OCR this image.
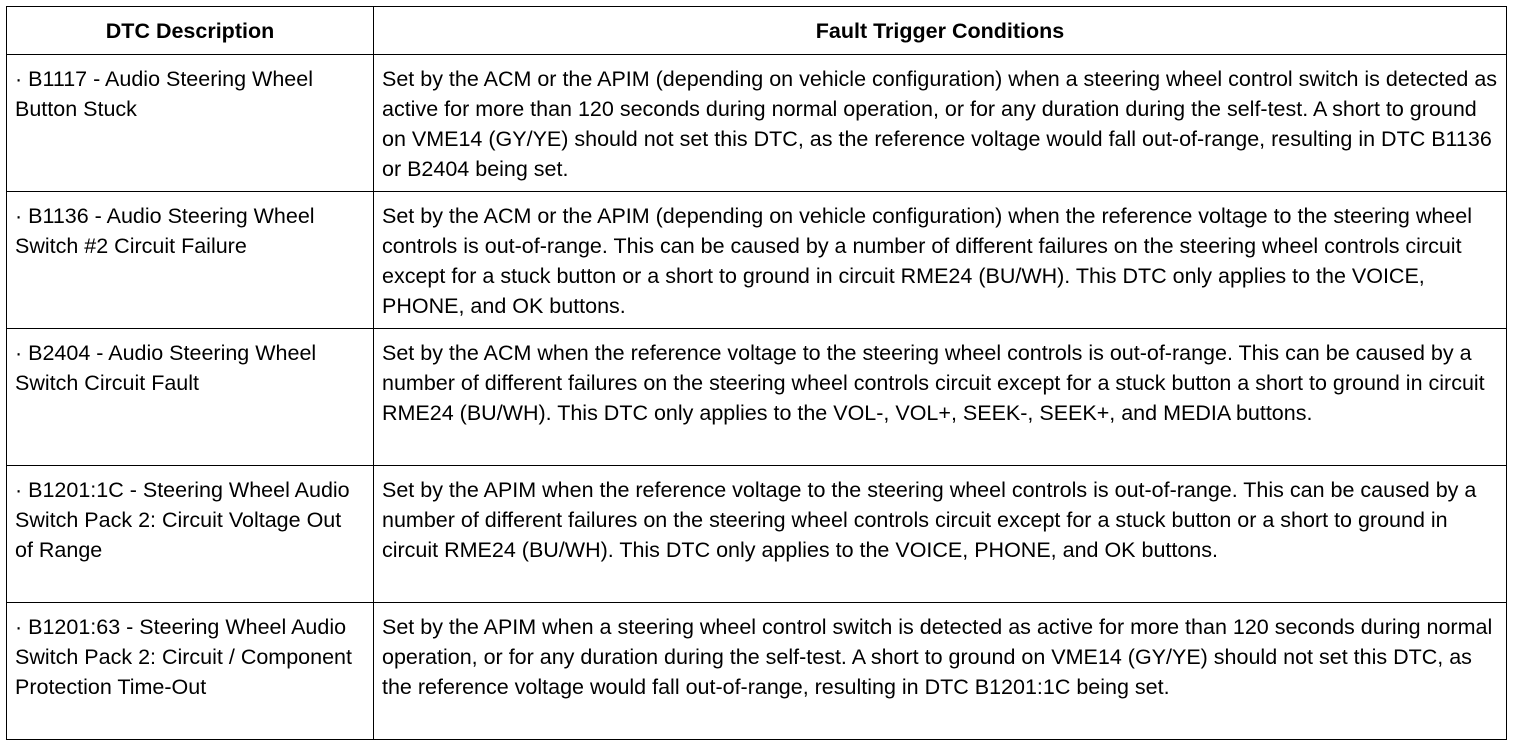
DTC Description	Fault Trigger Conditions

· B1117 - Audio Steering Wheel Button Stuck	Set by the ACM or the APIM (depending on vehicle configuration) when a steering wheel control switch is detected as active for more than 120 seconds during normal operation, or for any duration during the self-test. A short to ground on VME14 (GY/YE) should not set this DTC, as the reference voltage would fall out-of-range, resulting in DTC B1136 or B2404 being set.

· B1136 - Audio Steering Wheel Switch #2 Circuit Failure	Set by the ACM or the APIM (depending on vehicle configuration) when the reference voltage to the steering wheel controls is out-of-range. This can be caused by a number of different failures on the steering wheel controls circuit except for a stuck button or a short to ground in circuit RME24 (BU/WH). This DTC only applies to the VOICE, PHONE, and OK buttons.

· B2404 - Audio Steering Wheel Switch Circuit Fault	Set by the ACM when the reference voltage to the steering wheel controls is out-of-range. This can be caused by a number of different failures on the steering wheel controls circuit except for a stuck button a short to ground in circuit RME24 (BU/WH). This DTC only applies to the VOL-, VOL+, SEEK-, SEEK+, and MEDIA buttons.

· B1201:1C - Steering Wheel Audio Switch Pack 2: Circuit Voltage Out of Range	Set by the APIM when the reference voltage to the steering wheel controls is out-of-range. This can be caused by a number of different failures on the steering wheel controls circuit except for a stuck button or a short to ground in circuit RME24 (BU/WH). This DTC only applies to the VOICE, PHONE, and OK buttons.

· B1201:63 - Steering Wheel Audio Switch Pack 2: Circuit / Component Protection Time-Out	Set by the APIM when a steering wheel control switch is detected as active for more than 120 seconds during normal operation, or for any duration during the self-test. A short to ground on VME14 (GY/YE) should not set this DTC, as the reference voltage would fall out-of-range, resulting in DTC B1201:1C being set.
